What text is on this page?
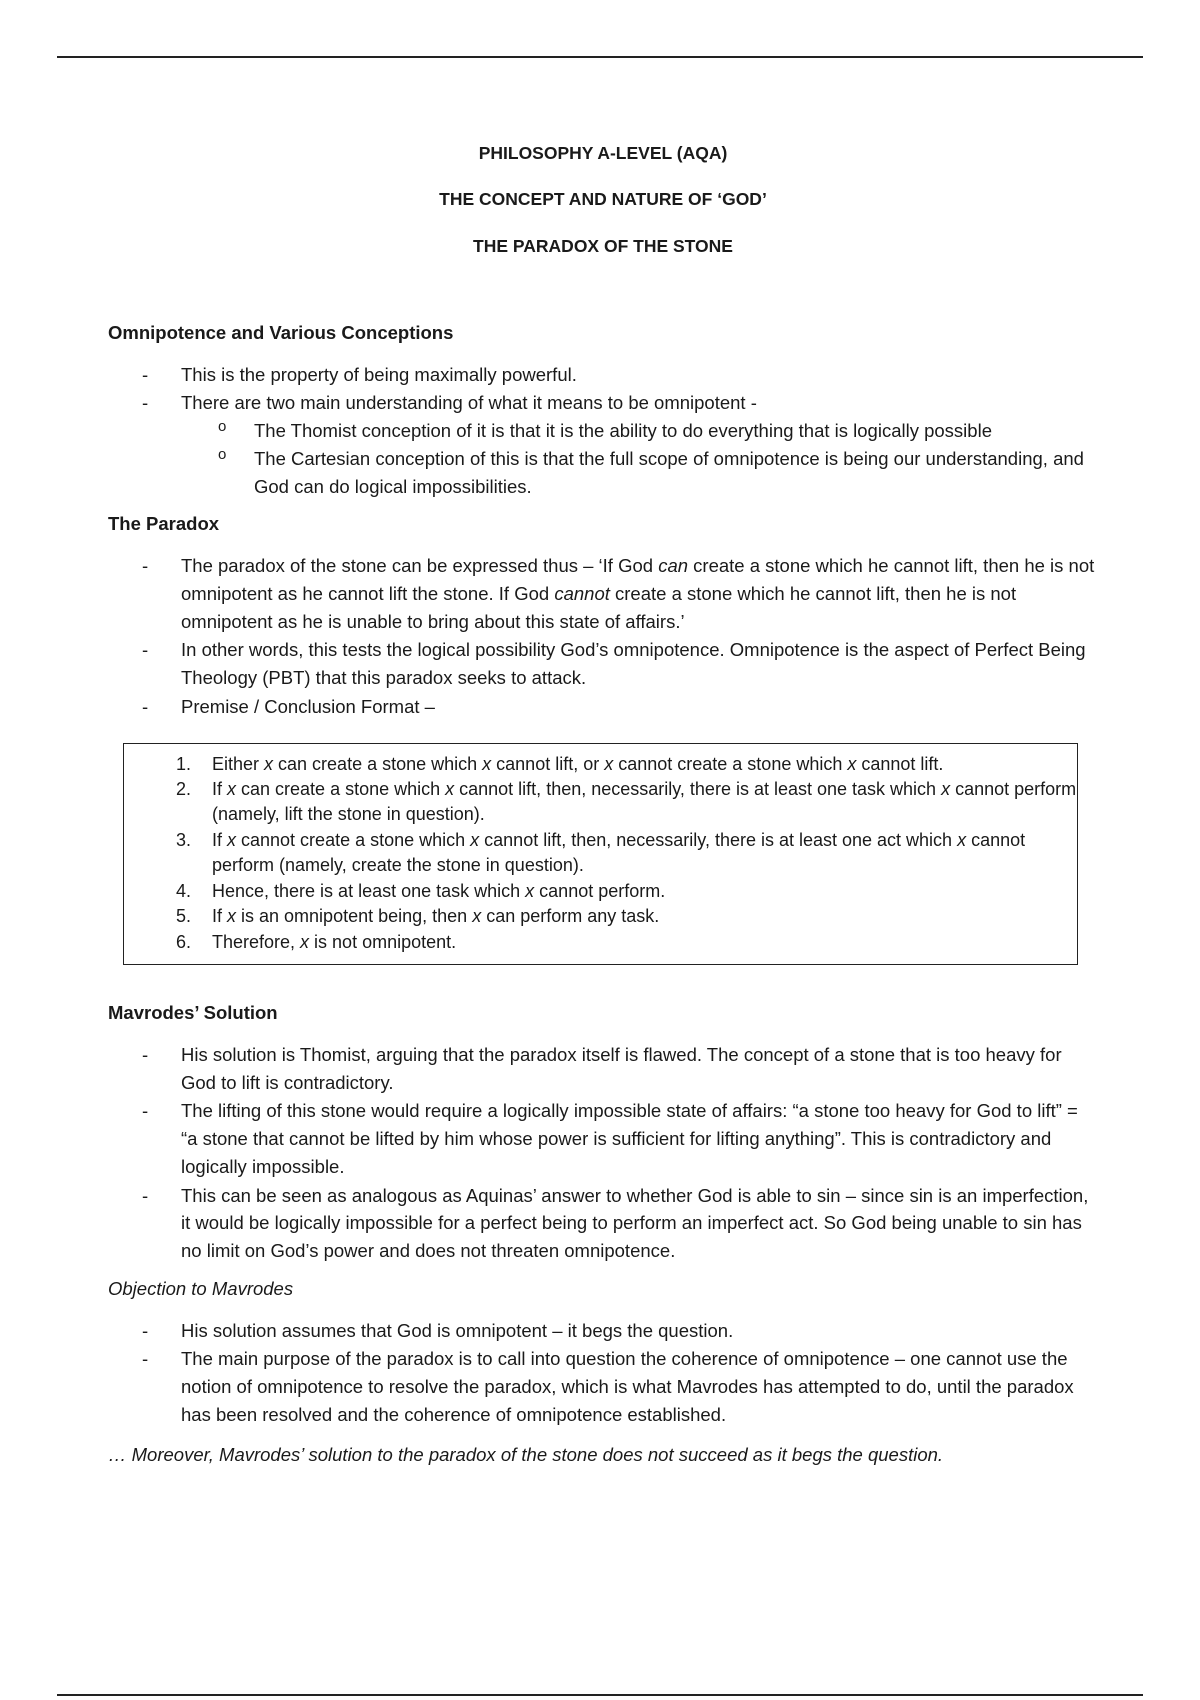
PHILOSOPHY A-LEVEL (AQA)
THE CONCEPT AND NATURE OF ‘GOD’
THE PARADOX OF THE STONE
Omnipotence and Various Conceptions
- This is the property of being maximally powerful.
- There are two main understanding of what it means to be omnipotent -
o The Thomist conception of it is that it is the ability to do everything that is logically possible
o The Cartesian conception of this is that the full scope of omnipotence is being our understanding, and God can do logical impossibilities.
The Paradox
- The paradox of the stone can be expressed thus – ‘If God can create a stone which he cannot lift, then he is not omnipotent as he cannot lift the stone. If God cannot create a stone which he cannot lift, then he is not omnipotent as he is unable to bring about this state of affairs.’
- In other words, this tests the logical possibility God’s omnipotence. Omnipotence is the aspect of Perfect Being Theology (PBT) that this paradox seeks to attack.
- Premise / Conclusion Format –
1.	Either x can create a stone which x cannot lift, or x cannot create a stone which x cannot lift.
2.	If x can create a stone which x cannot lift, then, necessarily, there is at least one task which x cannot perform (namely, lift the stone in question).
3.	If x cannot create a stone which x cannot lift, then, necessarily, there is at least one act which x cannot perform (namely, create the stone in question).
4.	Hence, there is at least one task which x cannot perform.
5.	If x is an omnipotent being, then x can perform any task.
6.	Therefore, x is not omnipotent.
Mavrodes’ Solution
- His solution is Thomist, arguing that the paradox itself is flawed. The concept of a stone that is too heavy for God to lift is contradictory.
- The lifting of this stone would require a logically impossible state of affairs: “a stone too heavy for God to lift” = “a stone that cannot be lifted by him whose power is sufficient for lifting anything”. This is contradictory and logically impossible.
- This can be seen as analogous as Aquinas’ answer to whether God is able to sin – since sin is an imperfection, it would be logically impossible for a perfect being to perform an imperfect act. So God being unable to sin has no limit on God’s power and does not threaten omnipotence.
Objection to Mavrodes
- His solution assumes that God is omnipotent – it begs the question.
- The main purpose of the paradox is to call into question the coherence of omnipotence – one cannot use the notion of omnipotence to resolve the paradox, which is what Mavrodes has attempted to do, until the paradox has been resolved and the coherence of omnipotence established.
… Moreover, Mavrodes’ solution to the paradox of the stone does not succeed as it begs the question.
